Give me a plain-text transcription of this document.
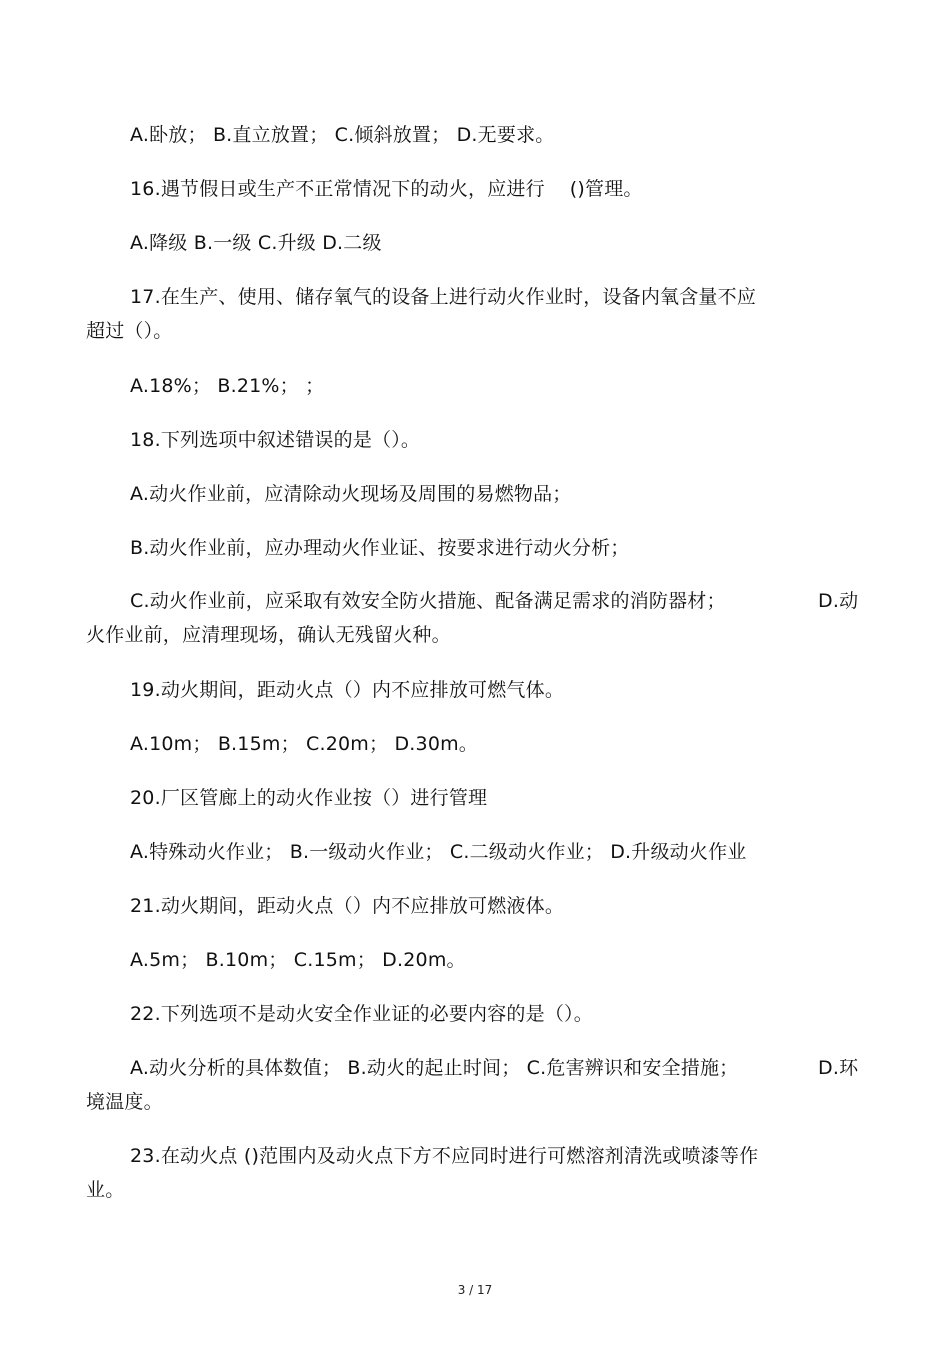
A.卧放； B.直立放置； C.倾斜放置； D.无要求。
16.遇节假日或生产不正常情况下的动火，应进行    ()管理。
A.降级 B.一级 C.升级 D.二级
17.在生产、使用、储存氧气的设备上进行动火作业时，设备内氧含量不应
超过（）。
A.18%； B.21%； ；
18.下列选项中叙述错误的是（）。
A.动火作业前，应清除动火现场及周围的易燃物品；
B.动火作业前，应办理动火作业证、按要求进行动火分析；
C.动火作业前，应采取有效安全防火措施、配备满足需求的消防器材；	D.动
火作业前，应清理现场，确认无残留火种。
19.动火期间，距动火点（）内不应排放可燃气体。
A.10m； B.15m； C.20m； D.30m。
20.厂区管廊上的动火作业按（）进行管理
A.特殊动火作业； B.一级动火作业； C.二级动火作业； D.升级动火作业
21.动火期间，距动火点（）内不应排放可燃液体。
A.5m； B.10m； C.15m； D.20m。
22.下列选项不是动火安全作业证的必要内容的是（）。
A.动火分析的具体数值； B.动火的起止时间； C.危害辨识和安全措施；	D.环
境温度。
23.在动火点 ()范围内及动火点下方不应同时进行可燃溶剂清洗或喷漆等作
业。
3 / 17
